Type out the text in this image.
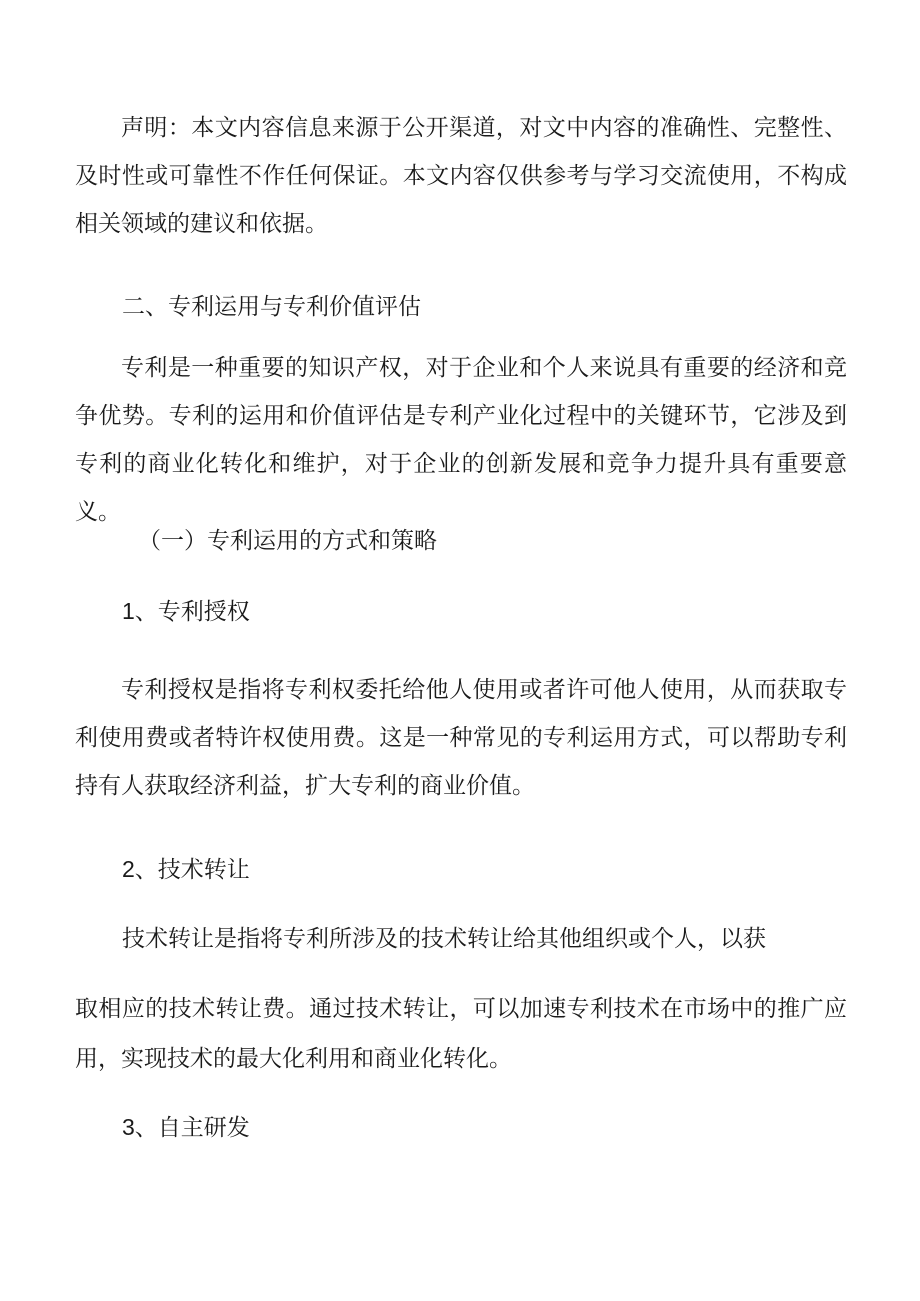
声明：本文内容信息来源于公开渠道，对文中内容的准确性、完整性、及时性或可靠性不作任何保证。本文内容仅供参考与学习交流使用，不构成相关领域的建议和依据。

二、专利运用与专利价值评估

专利是一种重要的知识产权，对于企业和个人来说具有重要的经济和竞争优势。专利的运用和价值评估是专利产业化过程中的关键环节，它涉及到专利的商业化转化和维护，对于企业的创新发展和竞争力提升具有重要意义。

（一）专利运用的方式和策略

1、专利授权

专利授权是指将专利权委托给他人使用或者许可他人使用，从而获取专利使用费或者特许权使用费。这是一种常见的专利运用方式，可以帮助专利持有人获取经济利益，扩大专利的商业价值。

2、技术转让

技术转让是指将专利所涉及的技术转让给其他组织或个人，以获

取相应的技术转让费。通过技术转让，可以加速专利技术在市场中的推广应用，实现技术的最大化利用和商业化转化。

3、自主研发
